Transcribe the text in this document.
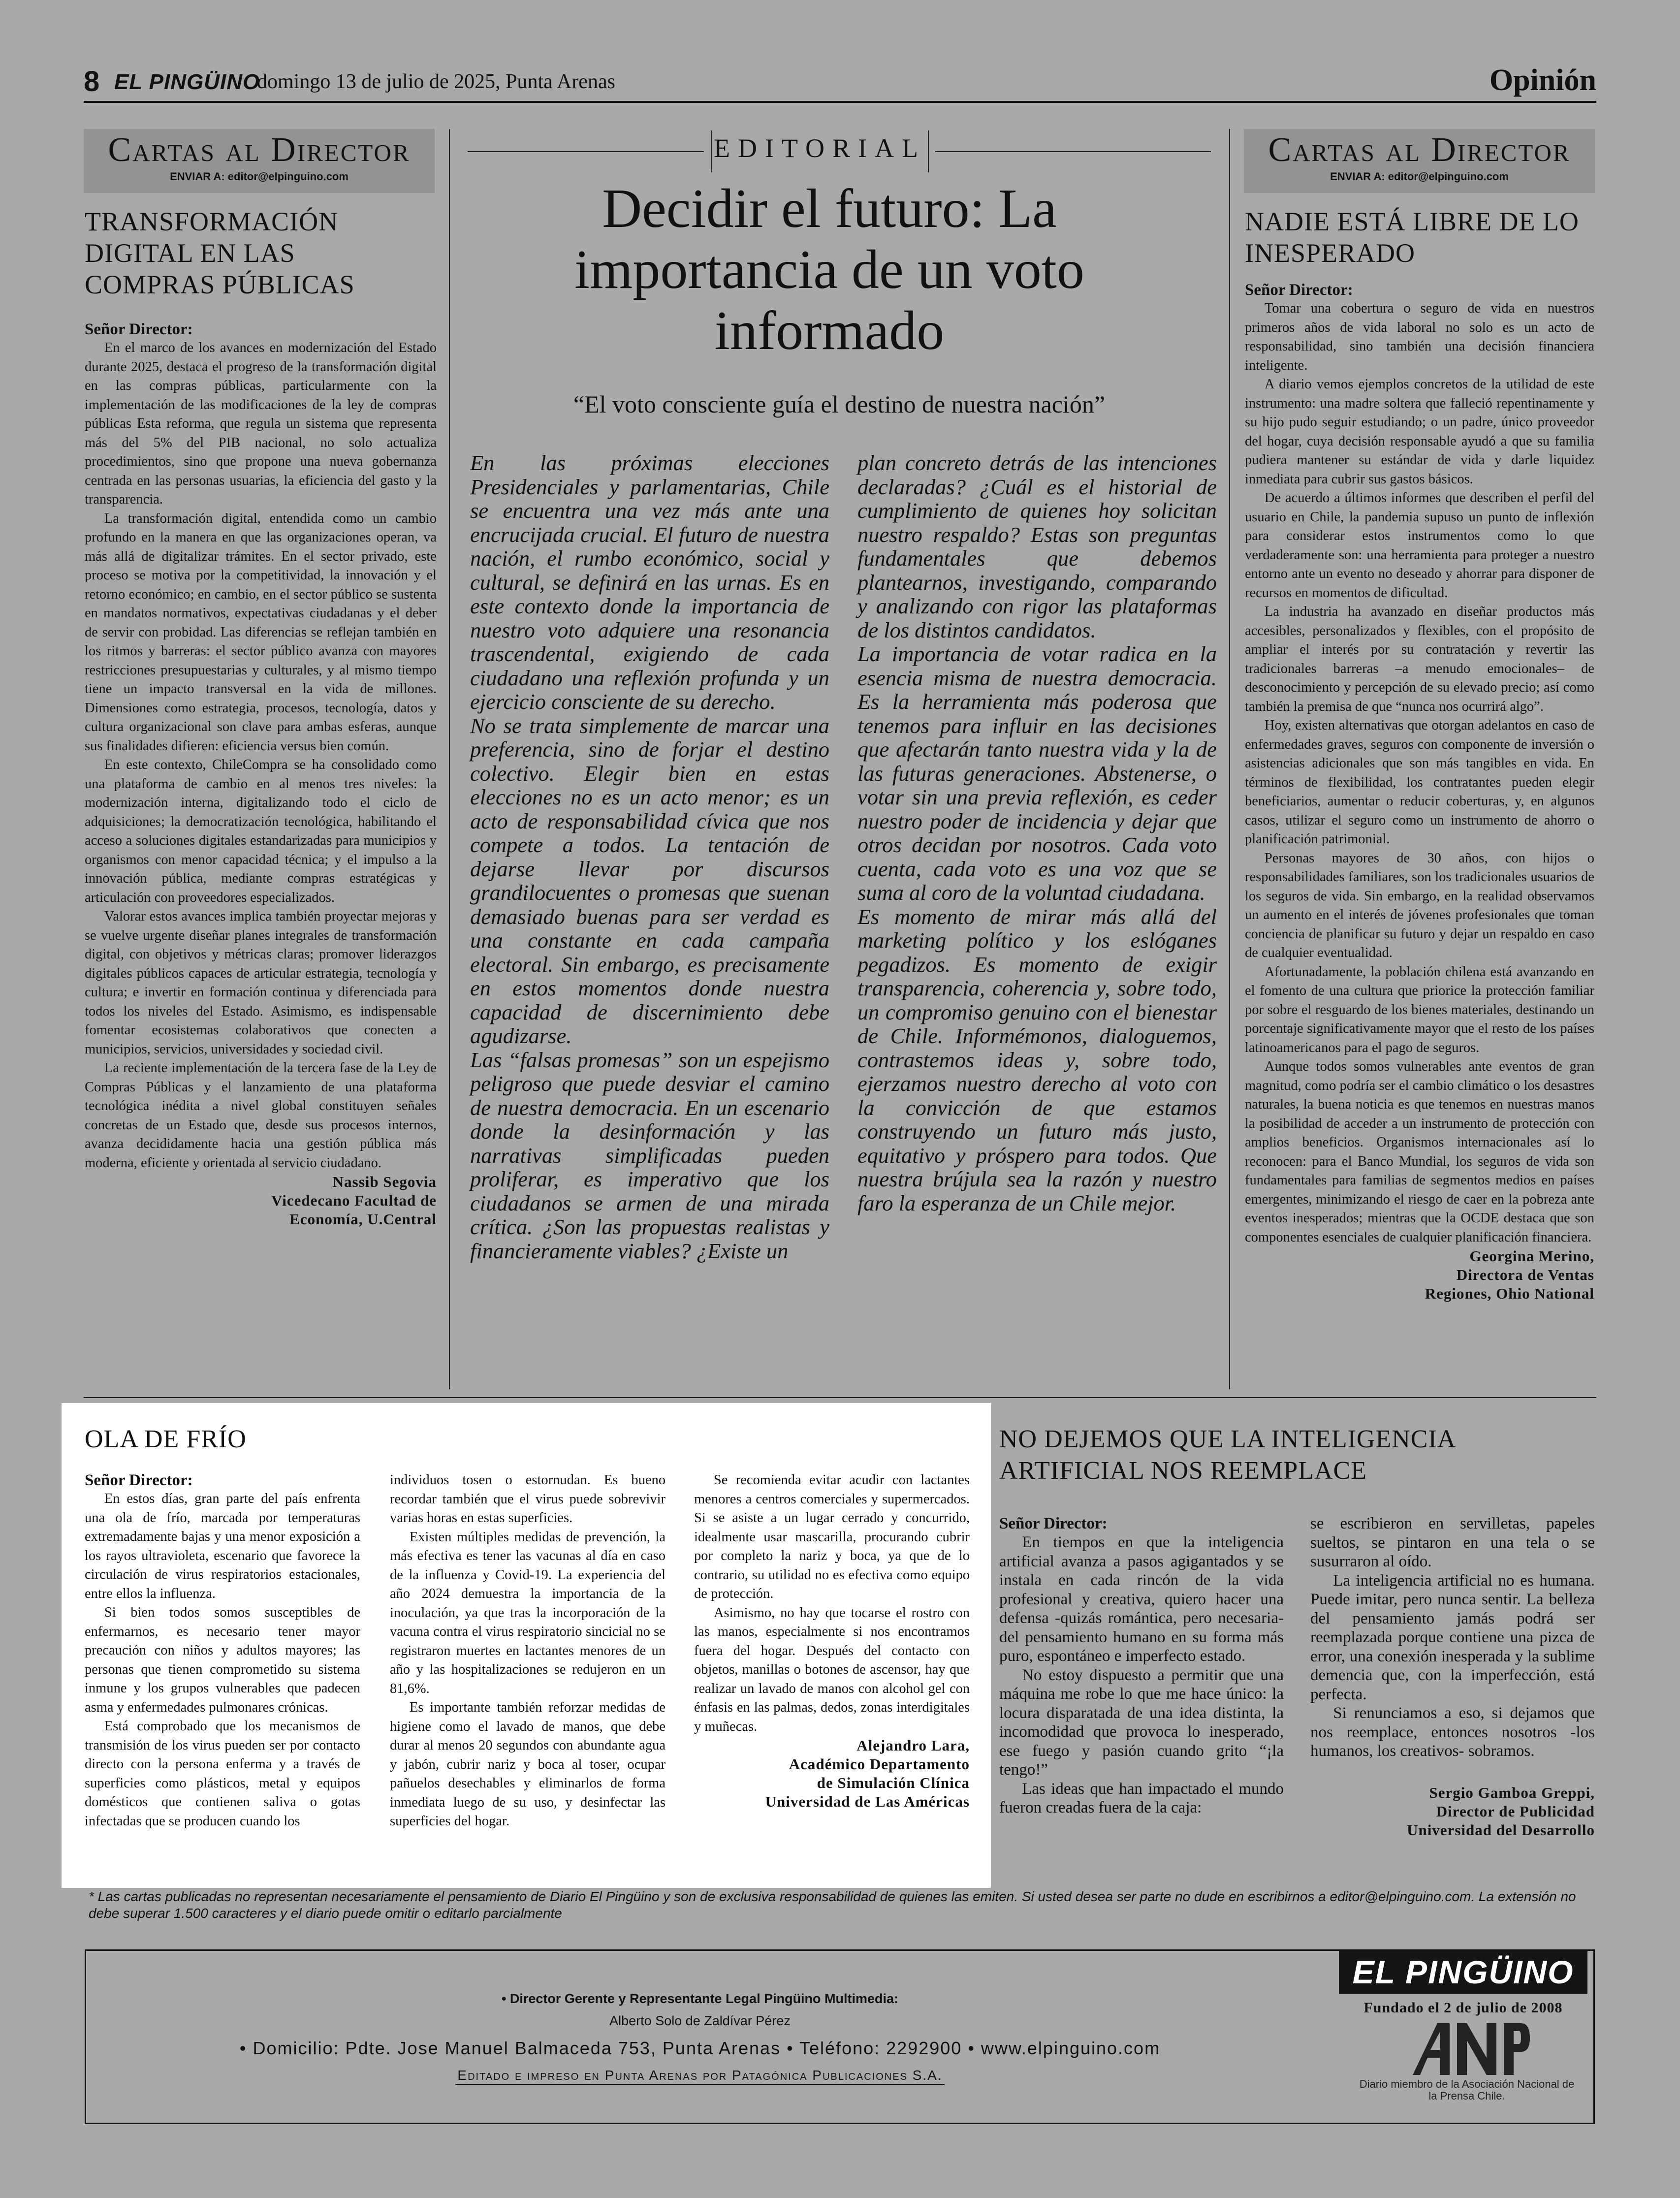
8 EL PINGÜINO
domingo 13 de julio de 2025, Punta Arenas	Opinión
Cartas al Director
ENVIAR A: editor@elpinguino.com
TRANSFORMACIÓN DIGITAL EN LAS COMPRAS PÚBLICAS
Señor Director:

En el marco de los avances en modernización del Estado durante 2025, destaca el progreso de la transformación digital en las compras públicas, particularmente con la implementación de las modificaciones de la ley de compras públicas Esta reforma, que regula un sistema que representa más del 5% del PIB nacional, no solo actualiza procedimientos, sino que propone una nueva gobernanza centrada en las personas usuarias, la eficiencia del gasto y la transparencia.

La transformación digital, entendida como un cambio profundo en la manera en que las organizaciones operan, va más allá de digitalizar trámites. En el sector privado, este proceso se motiva por la competitividad, la innovación y el retorno económico; en cambio, en el sector público se sustenta en mandatos normativos, expectativas ciudadanas y el deber de servir con probidad. Las diferencias se reflejan también en los ritmos y barreras: el sector público avanza con mayores restricciones presupuestarias y culturales, y al mismo tiempo tiene un impacto transversal en la vida de millones. Dimensiones como estrategia, procesos, tecnología, datos y cultura organizacional son clave para ambas esferas, aunque sus finalidades difieren: eficiencia versus bien común.

En este contexto, ChileCompra se ha consolidado como una plataforma de cambio en al menos tres niveles: la modernización interna, digitalizando todo el ciclo de adquisiciones; la democratización tecnológica, habilitando el acceso a soluciones digitales estandarizadas para municipios y organismos con menor capacidad técnica; y el impulso a la innovación pública, mediante compras estratégicas y articulación con proveedores especializados.

Valorar estos avances implica también proyectar mejoras y se vuelve urgente diseñar planes integrales de transformación digital, con objetivos y métricas claras; promover liderazgos digitales públicos capaces de articular estrategia, tecnología y cultura; e invertir en formación continua y diferenciada para todos los niveles del Estado. Asimismo, es indispensable fomentar ecosistemas colaborativos que conecten a municipios, servicios, universidades y sociedad civil.

La reciente implementación de la tercera fase de la Ley de Compras Públicas y el lanzamiento de una plataforma tecnológica inédita a nivel global constituyen señales concretas de un Estado que, desde sus procesos internos, avanza decididamente hacia una gestión pública más moderna, eficiente y orientada al servicio ciudadano.

Nassib Segovia
Vicedecano Facultad de
Economía, U.Central
EDITORIAL
Decidir el futuro: La importancia de un voto informado
“El voto consciente guía el destino de nuestra nación”

En las próximas elecciones Presidenciales y parlamentarias, Chile se encuentra una vez más ante una encrucijada crucial. El futuro de nuestra nación, el rumbo económico, social y cultural, se definirá en las urnas. Es en este contexto donde la importancia de nuestro voto adquiere una resonancia trascendental, exigiendo de cada ciudadano una reflexión profunda y un ejercicio consciente de su derecho.

No se trata simplemente de marcar una preferencia, sino de forjar el destino colectivo. Elegir bien en estas elecciones no es un acto menor; es un acto de responsabilidad cívica que nos compete a todos. La tentación de dejarse llevar por discursos grandilocuentes o promesas que suenan demasiado buenas para ser verdad es una constante en cada campaña electoral. Sin embargo, es precisamente en estos momentos donde nuestra capacidad de discernimiento debe agudizarse.

Las “falsas promesas” son un espejismo peligroso que puede desviar el camino de nuestra democracia. En un escenario donde la desinformación y las narrativas simplificadas pueden proliferar, es imperativo que los ciudadanos se armen de una mirada crítica. ¿Son las propuestas realistas y financieramente viables? ¿Existe un

plan concreto detrás de las intenciones declaradas? ¿Cuál es el historial de cumplimiento de quienes hoy solicitan nuestro respaldo? Estas son preguntas fundamentales que debemos plantearnos, investigando, comparando y analizando con rigor las plataformas de los distintos candidatos.

La importancia de votar radica en la esencia misma de nuestra democracia. Es la herramienta más poderosa que tenemos para influir en las decisiones que afectarán tanto nuestra vida y la de las futuras generaciones. Abstenerse, o votar sin una previa reflexión, es ceder nuestro poder de incidencia y dejar que otros decidan por nosotros. Cada voto cuenta, cada voto es una voz que se suma al coro de la voluntad ciudadana.

Es momento de mirar más allá del marketing político y los eslóganes pegadizos. Es momento de exigir transparencia, coherencia y, sobre todo, un compromiso genuino con el bienestar de Chile. Informémonos, dialoguemos, contrastemos ideas y, sobre todo, ejerzamos nuestro derecho al voto con la convicción de que estamos construyendo un futuro más justo, equitativo y próspero para todos. Que nuestra brújula sea la razón y nuestro faro la esperanza de un Chile mejor.

Cartas al Director
ENVIAR A: editor@elpinguino.com
NADIE ESTÁ LIBRE DE LO INESPERADO
Señor Director:

Tomar una cobertura o seguro de vida en nuestros primeros años de vida laboral no solo es un acto de responsabilidad, sino también una decisión financiera inteligente.

A diario vemos ejemplos concretos de la utilidad de este instrumento: una madre soltera que falleció repentinamente y su hijo pudo seguir estudiando; o un padre, único proveedor del hogar, cuya decisión responsable ayudó a que su familia pudiera mantener su estándar de vida y darle liquidez inmediata para cubrir sus gastos básicos.

De acuerdo a últimos informes que describen el perfil del usuario en Chile, la pandemia supuso un punto de inflexión para considerar estos instrumentos como lo que verdaderamente son: una herramienta para proteger a nuestro entorno ante un evento no deseado y ahorrar para disponer de recursos en momentos de dificultad.

La industria ha avanzado en diseñar productos más accesibles, personalizados y flexibles, con el propósito de ampliar el interés por su contratación y revertir las tradicionales barreras –a menudo emocionales– de desconocimiento y percepción de su elevado precio; así como también la premisa de que “nunca nos ocurrirá algo”.

Hoy, existen alternativas que otorgan adelantos en caso de enfermedades graves, seguros con componente de inversión o asistencias adicionales que son más tangibles en vida. En términos de flexibilidad, los contratantes pueden elegir beneficiarios, aumentar o reducir coberturas, y, en algunos casos, utilizar el seguro como un instrumento de ahorro o planificación patrimonial.

Personas mayores de 30 años, con hijos o responsabilidades familiares, son los tradicionales usuarios de los seguros de vida. Sin embargo, en la realidad observamos un aumento en el interés de jóvenes profesionales que toman conciencia de planificar su futuro y dejar un respaldo en caso de cualquier eventualidad.

Afortunadamente, la población chilena está avanzando en el fomento de una cultura que priorice la protección familiar por sobre el resguardo de los bienes materiales, destinando un porcentaje significativamente mayor que el resto de los países latinoamericanos para el pago de seguros.

Aunque todos somos vulnerables ante eventos de gran magnitud, como podría ser el cambio climático o los desastres naturales, la buena noticia es que tenemos en nuestras manos la posibilidad de acceder a un instrumento de protección con amplios beneficios. Organismos internacionales así lo reconocen: para el Banco Mundial, los seguros de vida son fundamentales para familias de segmentos medios en países emergentes, minimizando el riesgo de caer en la pobreza ante eventos inesperados; mientras que la OCDE destaca que son componentes esenciales de cualquier planificación financiera.

Georgina Merino,
Directora de Ventas
Regiones, Ohio National
OLA DE FRÍO
Señor Director:

En estos días, gran parte del país enfrenta una ola de frío, marcada por temperaturas extremadamente bajas y una menor exposición a los rayos ultravioleta, escenario que favorece la circulación de virus respiratorios estacionales, entre ellos la influenza.

Si bien todos somos susceptibles de enfermarnos, es necesario tener mayor precaución con niños y adultos mayores; las personas que tienen comprometido su sistema inmune y los grupos vulnerables que padecen asma y enfermedades pulmonares crónicas.

Está comprobado que los mecanismos de transmisión de los virus pueden ser por contacto directo con la persona enferma y a través de superficies como plásticos, metal y equipos domésticos que contienen saliva o gotas infectadas que se producen cuando los

individuos tosen o estornudan. Es bueno recordar también que el virus puede sobrevivir varias horas en estas superficies.

Existen múltiples medidas de prevención, la más efectiva es tener las vacunas al día en caso de la influenza y Covid-19. La experiencia del año 2024 demuestra la importancia de la inoculación, ya que tras la incorporación de la vacuna contra el virus respiratorio sincicial no se registraron muertes en lactantes menores de un año y las hospitalizaciones se redujeron en un 81,6%.

Es importante también reforzar medidas de higiene como el lavado de manos, que debe durar al menos 20 segundos con abundante agua y jabón, cubrir nariz y boca al toser, ocupar pañuelos desechables y eliminarlos de forma inmediata luego de su uso, y desinfectar las superficies del hogar.

Se recomienda evitar acudir con lactantes menores a centros comerciales y supermercados. Si se asiste a un lugar cerrado y concurrido, idealmente usar mascarilla, procurando cubrir por completo la nariz y boca, ya que de lo contrario, su utilidad no es efectiva como equipo de protección.

Asimismo, no hay que tocarse el rostro con las manos, especialmente si nos encontramos fuera del hogar. Después del contacto con objetos, manillas o botones de ascensor, hay que realizar un lavado de manos con alcohol gel con énfasis en las palmas, dedos, zonas interdigitales y muñecas.

Alejandro Lara,
Académico Departamento
de Simulación Clínica
Universidad de Las Américas
NO DEJEMOS QUE LA INTELIGENCIA ARTIFICIAL NOS REEMPLACE
Señor Director:

En tiempos en que la inteligencia artificial avanza a pasos agigantados y se instala en cada rincón de la vida profesional y creativa, quiero hacer una defensa -quizás romántica, pero necesaria- del pensamiento humano en su forma más puro, espontáneo e imperfecto estado.

No estoy dispuesto a permitir que una máquina me robe lo que me hace único: la locura disparatada de una idea distinta, la incomodidad que provoca lo inesperado, ese fuego y pasión cuando grito “¡la tengo!”

Las ideas que han impactado el mundo fueron creadas fuera de la caja:

se escribieron en servilletas, papeles sueltos, se pintaron en una tela o se susurraron al oído.

La inteligencia artificial no es humana. Puede imitar, pero nunca sentir. La belleza del pensamiento jamás podrá ser reemplazada porque contiene una pizca de error, una conexión inesperada y la sublime demencia que, con la imperfección, está perfecta.

Si renunciamos a eso, si dejamos que nos reemplace, entonces nosotros -los humanos, los creativos- sobramos.

Sergio Gamboa Greppi,
Director de Publicidad
Universidad del Desarrollo
* Las cartas publicadas no representan necesariamente el pensamiento de Diario El Pingüino y son de exclusiva responsabilidad de quienes las emiten. Si usted desea ser parte no dude en escribirnos a editor@elpinguino.com. La extensión no debe superar 1.500 caracteres y el diario puede omitir o editarlo parcialmente
EL PINGÜINO
Fundado el 2 de julio de 2008
• Director Gerente y Representante Legal Pingüino Multimedia:
Alberto Solo de Zaldívar Pérez
• Domicilio: Pdte. Jose Manuel Balmaceda 753, Punta Arenas • Teléfono: 2292900 • www.elpinguino.com
Editado e impreso en Punta Arenas por Patagónica Publicaciones S.A.
Diario miembro de la Asociación Nacional de la Prensa Chile.
